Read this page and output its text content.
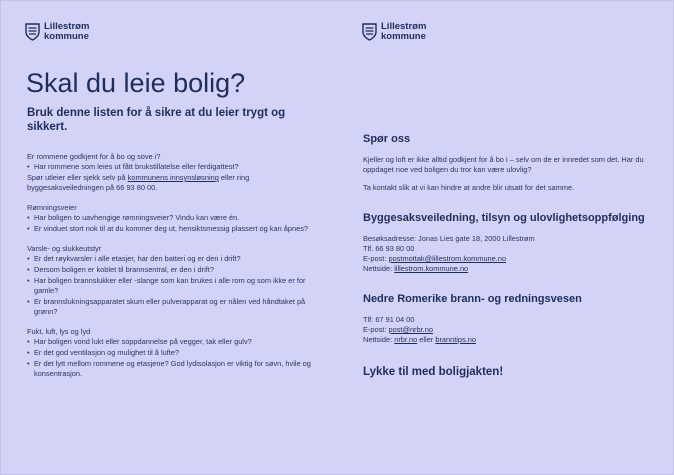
Lillestrøm
kommune
Lillestrøm
kommune
Skal du leie bolig?
Bruk denne listen for å sikre at du leier trygt og sikkert.

Er rommene godkjent for å bo og sove i?

• Har rommene som leies ut fått brukstillatelse eller ferdigattest?

Spør utleier eller sjekk selv på kommunens innsynsløsning eller ring byggesaksveiledningen på 66 93 80 00.

Rømningsveier

• Har boligen to uavhengige rømningsveier? Vindu kan være én.
• Er vinduet stort nok til at du kommer deg ut, hensiktsmessig plassert og kan åpnes?

Varsle- og slukkeutstyr

• Er det røykvarsler i alle etasjer, har den batteri og er den i drift?
• Dersom boligen er koblet til brannsentral, er den i drift?
• Har boligen brannslukker eller -slange som kan brukes i alle rom og som ikke er for gamle?
• Er brannslukningsapparatet skum eller pulverapparat og er nålen ved håndtaket på grønn?

Fukt, luft, lys og lyd

• Har boligen vond lukt eller soppdannelse på vegger, tak eller gulv?
• Er det god ventilasjon og mulighet til å lufte?
• Er det lytt mellom rommene og etasjene? God lydisolasjon er viktig for søvn, hvile og konsentrasjon.
Spør oss

Kjeller og loft er ikke alltid godkjent for å bo i – selv om de er innredet som det. Har du oppdaget noe ved boligen du tror kan være ulovlig?

Ta kontakt slik at vi kan hindre at andre blir utsatt for det samme.

Byggesaksveiledning, tilsyn og ulovlighetsoppfølging

Besøksadresse: Jonas Lies gate 18, 2000 Lillestrøm

Tlf. 66 93 80 00

E-post: postmottak@lillestrom.kommune.no

Nettside: lillestrom.kommune.no

Nedre Romerike brann- og redningsvesen

Tlf: 67 91 04 00

E-post: post@nrbr.no

Nettside: nrbr.no eller branntips.no

Lykke til med boligjakten!
